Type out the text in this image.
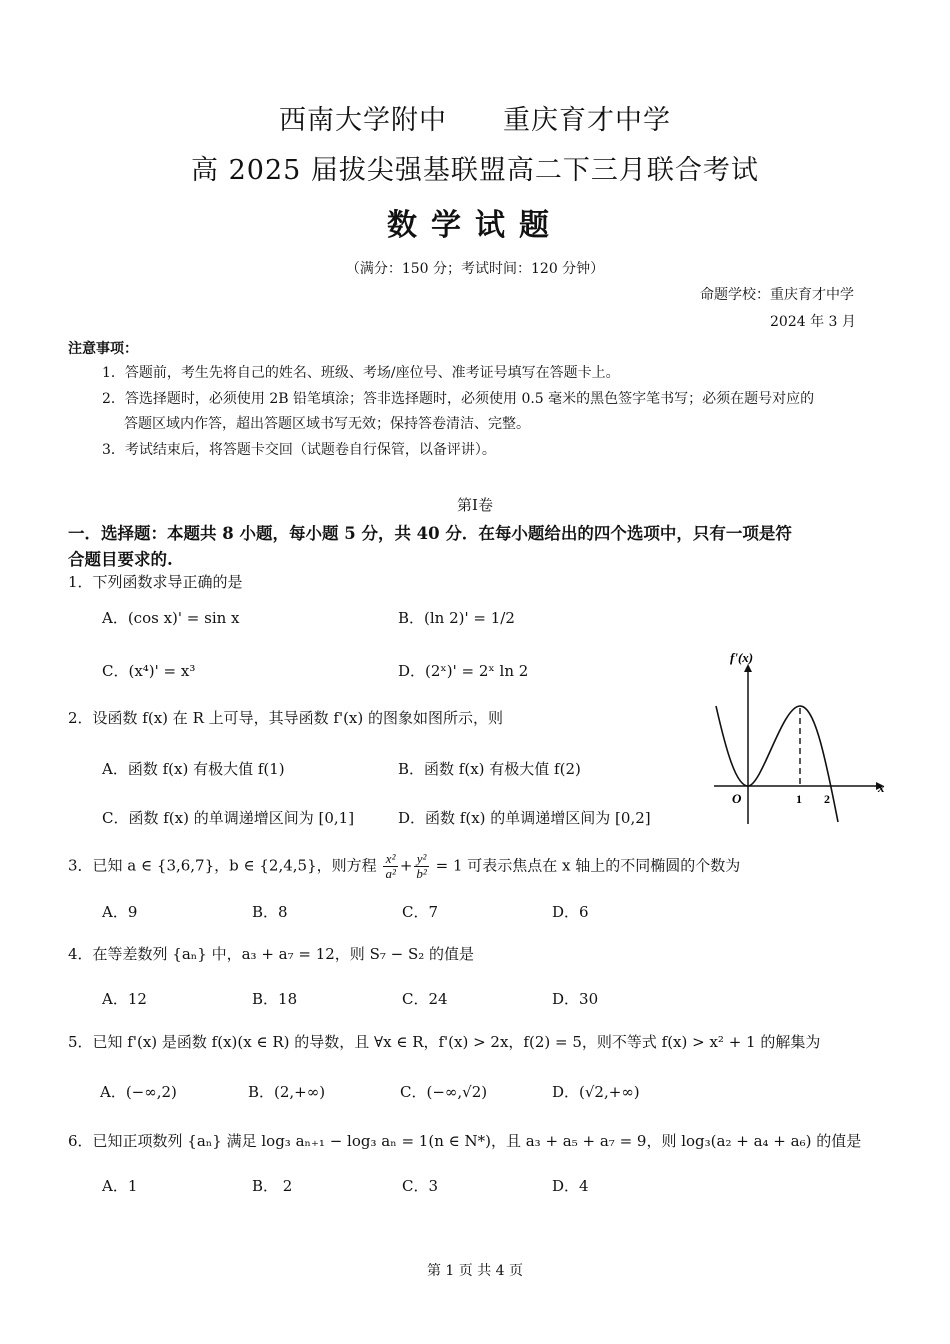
西南大学附中　　重庆育才中学
高 2025 届拔尖强基联盟高二下三月联合考试
数学试题
（满分：150 分；考试时间：120 分钟）
命题学校：重庆育才中学
2024 年 3 月
注意事项：
1．答题前，考生先将自己的姓名、班级、考场/座位号、准考证号填写在答题卡上。
2．答选择题时，必须使用 2B 铅笔填涂；答非选择题时，必须使用 0.5 毫米的黑色签字笔书写；必须在题号对应的
答题区域内作答，超出答题区域书写无效；保持答卷清洁、完整。
3．考试结束后，将答题卡交回（试题卷自行保管，以备评讲）。
第Ⅰ卷
一．选择题：本题共 8 小题，每小题 5 分，共 40 分．在每小题给出的四个选项中，只有一项是符
合题目要求的.
1．下列函数求导正确的是
A．(cos x)' = sin x	B．(ln 2)' = 1/2
C．(x⁴)' = x³	D．(2ˣ)' = 2ˣ ln 2
2．设函数 f(x) 在 R 上可导，其导函数 f'(x) 的图象如图所示，则
A．函数 f(x) 有极大值 f(1)	B．函数 f(x) 有极大值 f(2)
C．函数 f(x) 的单调递增区间为 [0,1]	D．函数 f(x) 的单调递增区间为 [0,2]
f'(x)
x
O	1 2
3．已知 a ∈ {3,6,7}，b ∈ {2,4,5}，则方程 $\frac{\text{x²}}{\text{a²}} + \frac{\text{y²}}{\text{b²}} = 1$ 可表示焦点在 x 轴上的不同椭圆的个数为
A．9	B．8	C．7	D．6
4．在等差数列 {aₙ} 中，a₃ + a₇ = 12，则 S₇ − S₂ 的值是
A．12	B．18	C．24	D．30
5．已知 f'(x) 是函数 f(x)(x ∈ R) 的导数，且 ∀x ∈ R，f'(x) > 2x，f(2) = 5，则不等式 f(x) > x² + 1 的解集为
A．(−∞,2)	B．(2,+∞)	C．(−∞,√2)	D．(√2,+∞)
6．已知正项数列 {aₙ} 满足 log₃ aₙ₊₁ − log₃ aₙ = 1(n ∈ N*)，且 a₃ + a₅ + a₇ = 9，则 log₃(a₂ + a₄ + a₆) 的值是
A．1	B． 2	C．3	D．4
第 1 页 共 4 页
